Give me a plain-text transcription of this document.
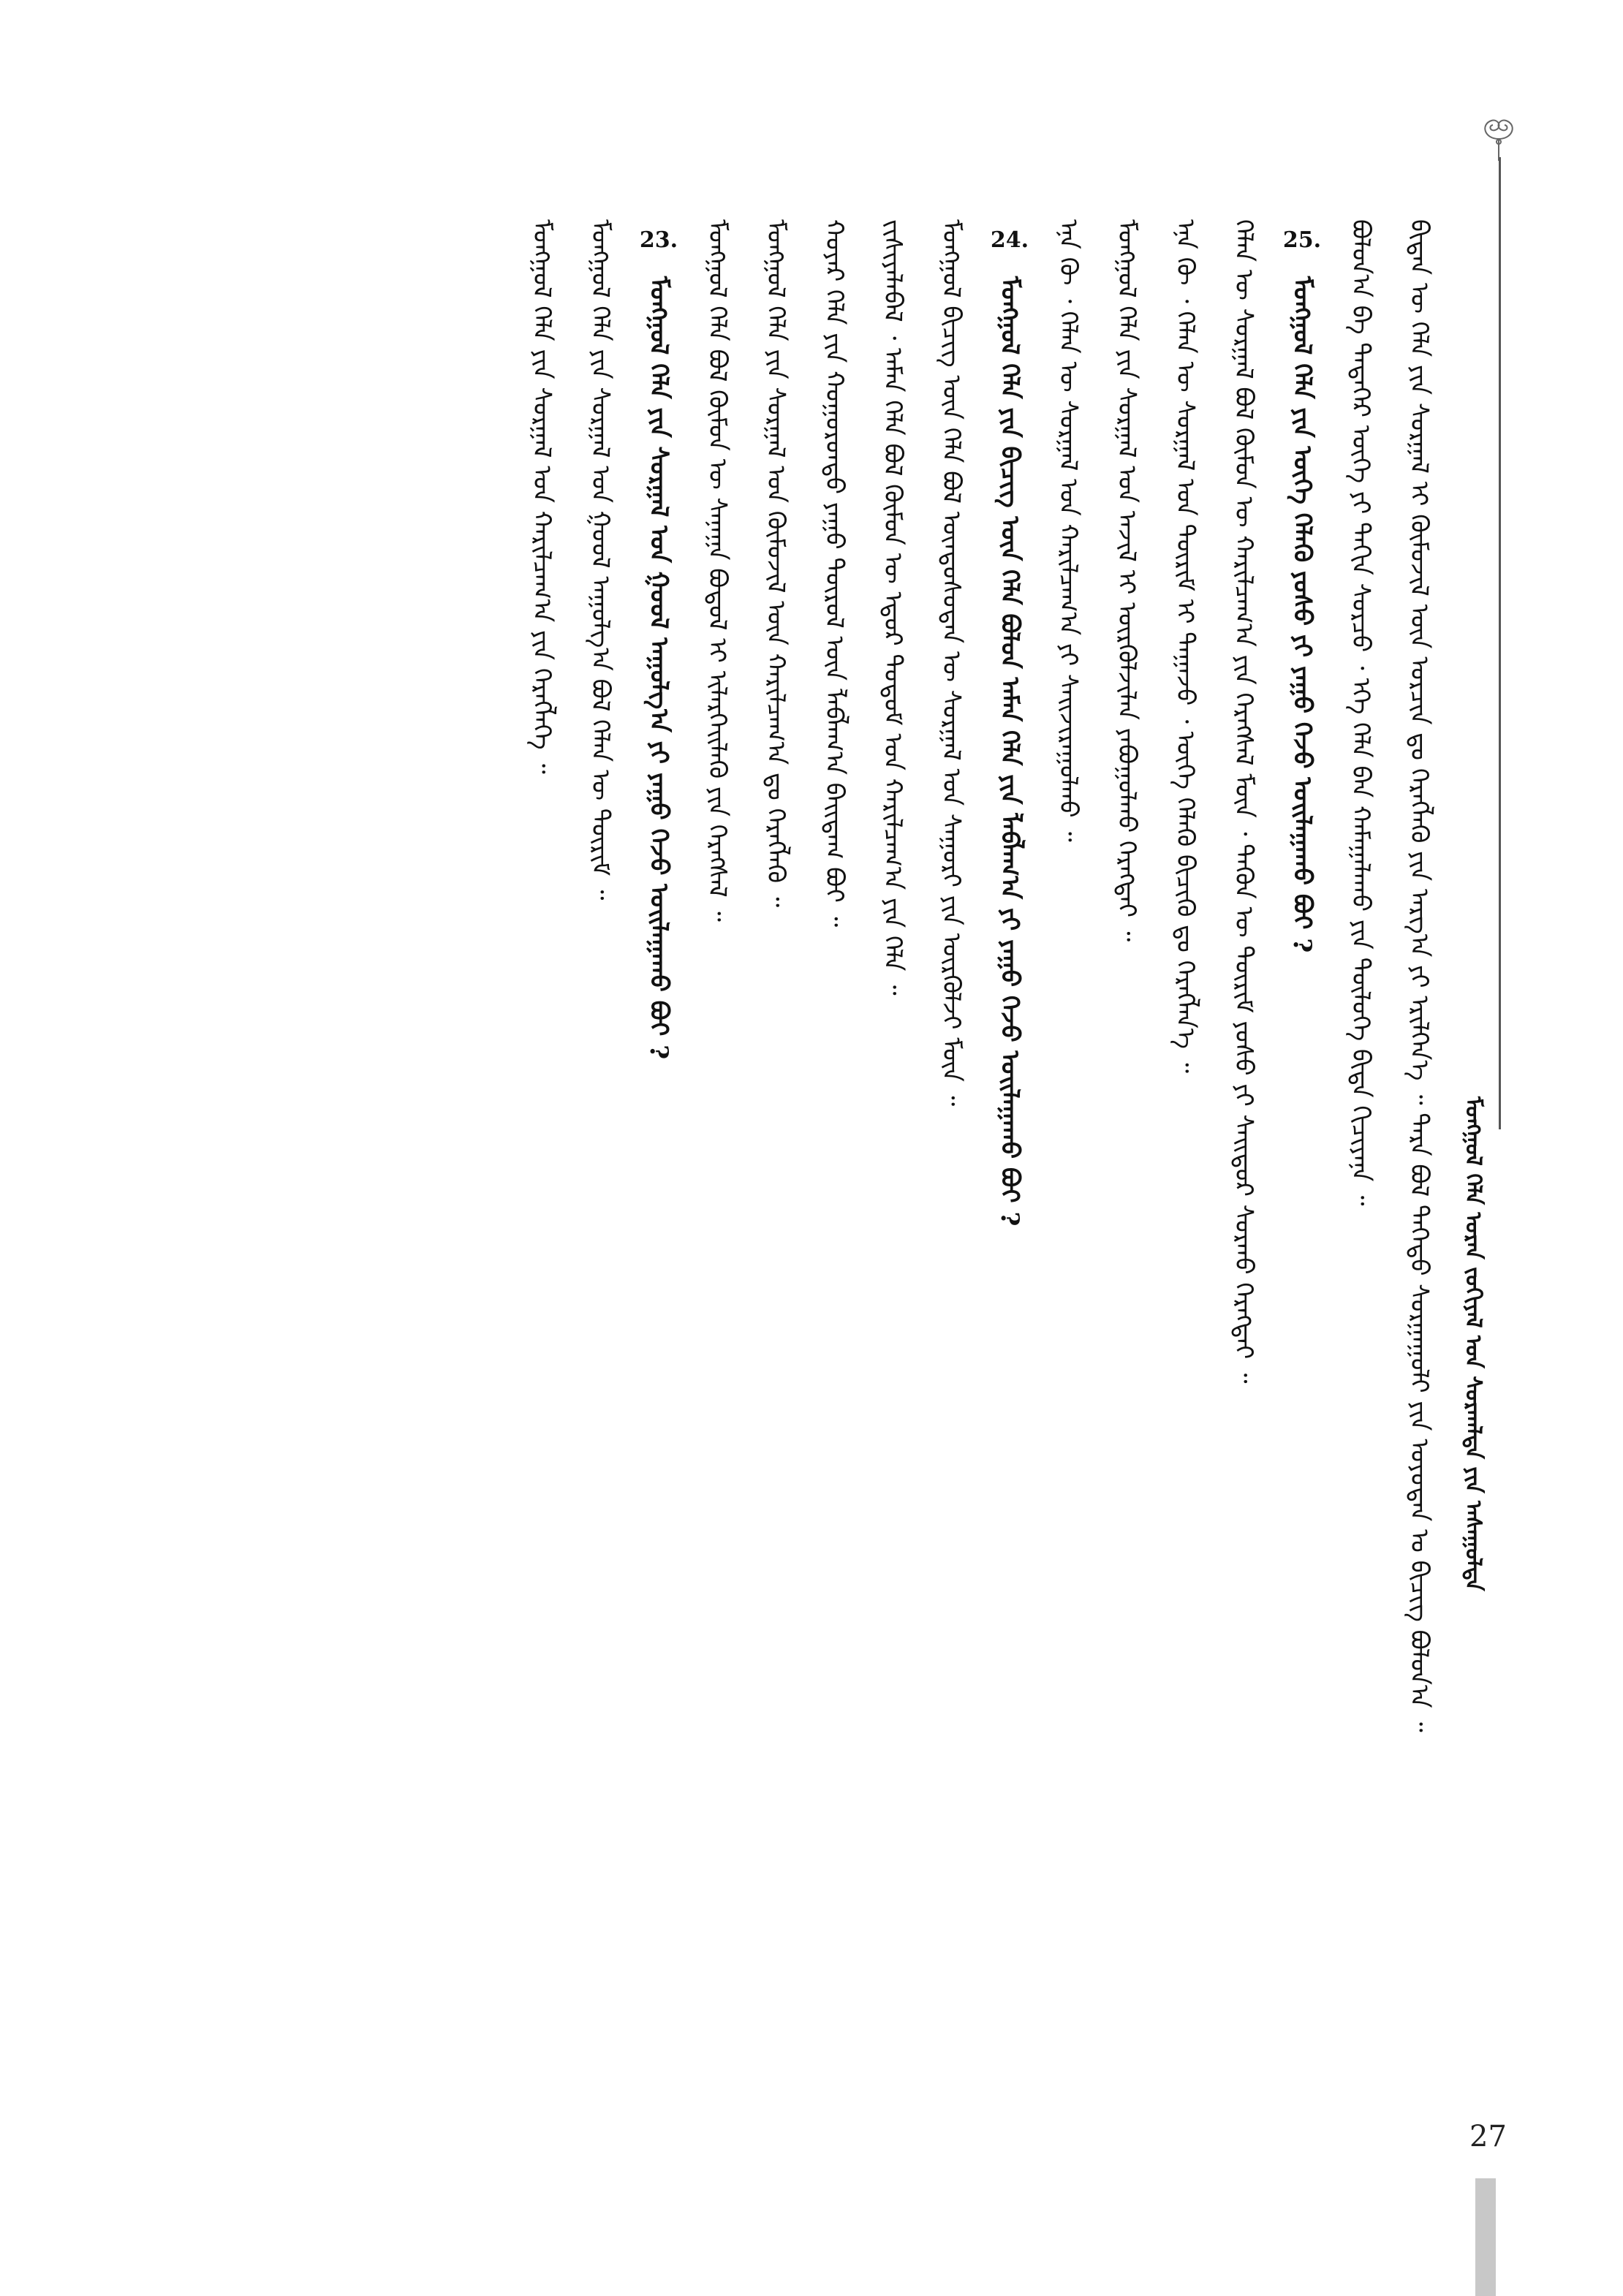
ᠮᠣᠩᠭᠣᠯ ᠬᠡᠯᠡ ᠤᠷᠠᠨ ᠵᠣᠬᠢᠶᠠᠯ ᠤᠨ ᠰᠣᠷᠬᠠᠯᠲᠠ ᠶᠢᠨ ᠠᠰᠠᠭᠤᠯᠲᠠ
ᠪᠢᠳᠡᠨ ᠦ ᠬᠡᠯᠡ ᠶᠢᠨ ᠰᠤᠷᠭᠠᠯ ᠢ ᠬᠦᠮᠦᠵᠢᠯ ᠦᠨ ᠤᠷᠴᠢᠨ ᠳᠤ ᠬᠡᠷᠡᠭᠯᠡᠬᠦ ᠶᠢᠨ ᠠᠷᠭ᠎ᠠ ᠶᠢ ᠡᠷᠢᠯᠬᠡᠨ᠎ᠡ ᠃ ᠲᠡᠷᠡ ᠪᠣᠯ ᠳᠡᠭᠡᠳᠦ ᠰᠤᠷᠭᠠᠭᠤᠯᠢ ᠶᠢᠨ ᠣᠶᠤᠲᠠᠨ ᠤ ᠪᠢᠴᠢᠭ ᠪᠣᠯᠤᠨ᠎ᠠ ᠃
ᠪᠣᠯᠤᠨ᠎ᠠ ᠪᠠ ᠲᠡᠳᠡᠭᠡᠷ ᠦᠭᠡ ᠶᠢ ᠳᠠᠬᠢᠨ ᠰᠤᠷᠴᠤ ᠂ ᠡᠬᠡ ᠬᠡᠯᠡ ᠪᠡᠨ ᠬᠠᠮᠠᠭᠠᠯᠠᠬᠤ ᠶᠢᠨ ᠲᠥᠯᠥᠭᠡ ᠪᠢᠳᠡ ᠬᠢᠴᠢᠶᠡᠨᠡ ᠃
25. ᠮᠣᠩᠭᠣᠯ ᠬᠡᠯᠡ ᠶᠢᠨ ᠦᠭᠡ ᠬᠡᠯᠡᠬᠦ ᠶᠣᠰᠣ ᠶᠢ ᠶᠠᠭᠤ ᠭᠡᠵᠦ ᠣᠢᠯᠠᠭᠠᠬᠤ ᠪᠤᠢ ?
ᠬᠡᠯᠡᠨ ᠦ ᠰᠤᠷᠭᠠᠯ ᠪᠣᠯ ᠬᠦᠮᠦᠨ ᠦ ᠬᠠᠷᠢᠯᠴᠠᠭ᠎ᠠ ᠶᠢᠨ ᠬᠡᠷᠡᠭᠰᠡᠯ ᠮᠥᠨ ᠂ ᠲᠡᠭᠦᠨ ᠦ ᠳᠦᠷᠢᠮ ᠶᠣᠰᠣ ᠶᠢ ᠰᠠᠢᠲᠤᠷ ᠰᠤᠷᠬᠤ ᠬᠡᠷᠡᠭᠲᠡᠢ ᠃
ᠡᠨᠡ ᠬᠦ ᠂ ᠬᠡᠯᠡᠨ ᠦ ᠰᠤᠷᠭᠠᠯ ᠤᠨ ᠳᠦᠷᠢᠮ ᠢ ᠳᠠᠭᠠᠵᠤ ᠂ ᠦᠭᠡ ᠬᠡᠯᠡᠬᠦ ᠪᠢᠴᠢᠬᠦ ᠳᠤ ᠬᠡᠷᠡᠭᠯᠡᠨ᠎ᠡ ᠃
ᠮᠣᠩᠭᠣᠯ ᠬᠡᠯᠡ ᠶᠢᠨ ᠰᠤᠷᠭᠠᠯ ᠤᠨ ᠠᠵᠢᠯ ᠢ ᠦᠷᠭᠦᠯᠵᠢᠯᠡᠨ ᠶᠠᠪᠤᠭᠤᠯᠬᠤ ᠬᠡᠷᠡᠭᠲᠡᠢ ᠃
ᠡᠨᠡ ᠬᠦ ᠂ ᠬᠡᠯᠡᠨ ᠦ ᠰᠤᠷᠭᠠᠯ ᠤᠨ ᠬᠠᠷᠢᠯᠴᠠᠭ᠎ᠠ ᠶᠢ ᠰᠠᠢᠵᠢᠷᠠᠭᠤᠯᠬᠤ ᠃
24. ᠮᠣᠩᠭᠣᠯ ᠬᠡᠯᠡ ᠶᠢᠨ ᠪᠢᠴᠢᠭ ᠦᠨ ᠬᠡᠯᠡ ᠪᠣᠯᠤᠨ ᠠᠮᠠᠨ ᠬᠡᠯᠡ ᠶᠢᠨ ᠯᠠᠪᠯᠠᠭ᠎ᠠ ᠶᠢ ᠶᠠᠭᠤ ᠭᠡᠵᠦ ᠣᠢᠯᠠᠭᠠᠬᠤ ᠪᠤᠢ ?
ᠮᠣᠩᠭᠣᠯ ᠪᠢᠴᠢᠭ ᠦᠨ ᠬᠡᠯᠡ ᠪᠣᠯ ᠦᠨᠳᠦᠰᠦᠲᠡᠨ ᠦ ᠰᠤᠷᠭᠠᠯ ᠤᠨ ᠰᠠᠭᠤᠷᠢ ᠶᠢᠨ ᠦᠷᠭᠦᠯᠵᠢ ᠮᠥᠨ ᠃
ᠵᠢᠱᠢᠶᠡᠯᠡᠪᠡᠯ ᠂ ᠠᠮᠠᠨ ᠬᠡᠯᠡ ᠪᠣᠯ ᠬᠦᠮᠦᠨ ᠦ ᠡᠳᠦᠷ ᠲᠤᠲᠤᠮ ᠤᠨ ᠬᠠᠷᠢᠯᠴᠠᠭ᠎ᠠ ᠶᠢᠨ ᠬᠡᠯᠡ ᠃
ᠬᠣᠶᠠᠷ ᠬᠡᠯᠡ ᠶᠢᠨ ᠬᠣᠭᠣᠷᠤᠨᠳᠤ ᠶᠠᠭᠤ ᠲᠥᠷᠦᠯ ᠦᠨ ᠯᠠᠪᠯᠠᠭ᠎ᠠ ᠪᠠᠢᠳᠠᠭ ᠪᠣᠢ ᠃
ᠮᠣᠩᠭᠣᠯ ᠬᠡᠯᠡ ᠶᠢᠨ ᠰᠤᠷᠭᠠᠯ ᠤᠨ ᠬᠦᠮᠦᠵᠢᠯ ᠦᠨ ᠬᠠᠷᠢᠯᠴᠠᠭ᠎ᠠ ᠳᠤ ᠬᠡᠷᠡᠭᠯᠡᠬᠦ ᠃
ᠮᠣᠩᠭᠣᠯ ᠬᠡᠯᠡ ᠪᠣᠯ ᠬᠦᠮᠦᠨ ᠦ ᠰᠠᠨᠠᠭᠠ ᠪᠣᠳᠤᠯ ᠢ ᠢᠯᠡᠷᠬᠡᠢᠯᠡᠬᠦ ᠶᠢᠨ ᠬᠡᠷᠡᠭᠰᠡᠯ ᠃
23. ᠮᠣᠩᠭᠣᠯ ᠬᠡᠯᠡ ᠶᠢᠨ ᠰᠤᠷᠭᠠᠯ ᠤᠨ ᠭᠣᠣᠯ ᠠᠭᠤᠯᠭ᠎ᠠ ᠶᠢ ᠶᠠᠭᠤ ᠭᠡᠵᠦ ᠣᠢᠯᠠᠭᠠᠬᠤ ᠪᠤᠢ ?
ᠮᠣᠩᠭᠣᠯ ᠬᠡᠯᠡ ᠶᠢᠨ ᠰᠤᠷᠭᠠᠯ ᠤᠨ ᠭᠣᠣᠯ ᠠᠭᠤᠯᠭ᠎ᠠ ᠪᠣᠯ ᠬᠡᠯᠡᠨ ᠦ ᠳᠦᠷᠢᠮ ᠃
ᠮᠣᠩᠭᠣᠯ ᠬᠡᠯᠡ ᠶᠢᠨ ᠰᠤᠷᠭᠠᠯ ᠤᠨ ᠬᠠᠷᠢᠯᠴᠠᠭ᠎ᠠ ᠶᠢᠨ ᠬᠡᠷᠡᠭᠯᠡᠭᠡ ᠃
27
